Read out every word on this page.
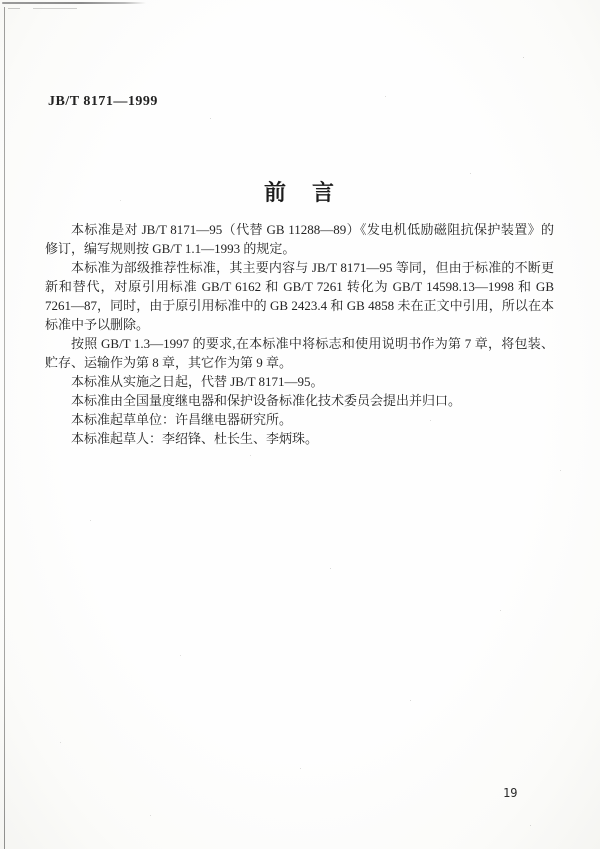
JB/T 8171—1999
前　言

本标准是对 JB/T 8171—95（代替 GB 11288—89）《发电机低励磁阻抗保护装置》的修订，编写规则按 GB/T 1.1—1993 的规定。

本标准为部级推荐性标准，其主要内容与 JB/T 8171—95 等同，但由于标准的不断更新和替代，对原引用标准 GB/T 6162 和 GB/T 7261 转化为 GB/T 14598.13—1998 和 GB 7261—87，同时，由于原引用标准中的 GB 2423.4 和 GB 4858 未在正文中引用，所以在本标准中予以删除。

按照 GB/T 1.3—1997 的要求,在本标准中将标志和使用说明书作为第 7 章，将包装、贮存、运输作为第 8 章，其它作为第 9 章。

本标准从实施之日起，代替 JB/T 8171—95。

本标准由全国量度继电器和保护设备标准化技术委员会提出并归口。

本标准起草单位：许昌继电器研究所。

本标准起草人：李绍锋、杜长生、李炳珠。

19
